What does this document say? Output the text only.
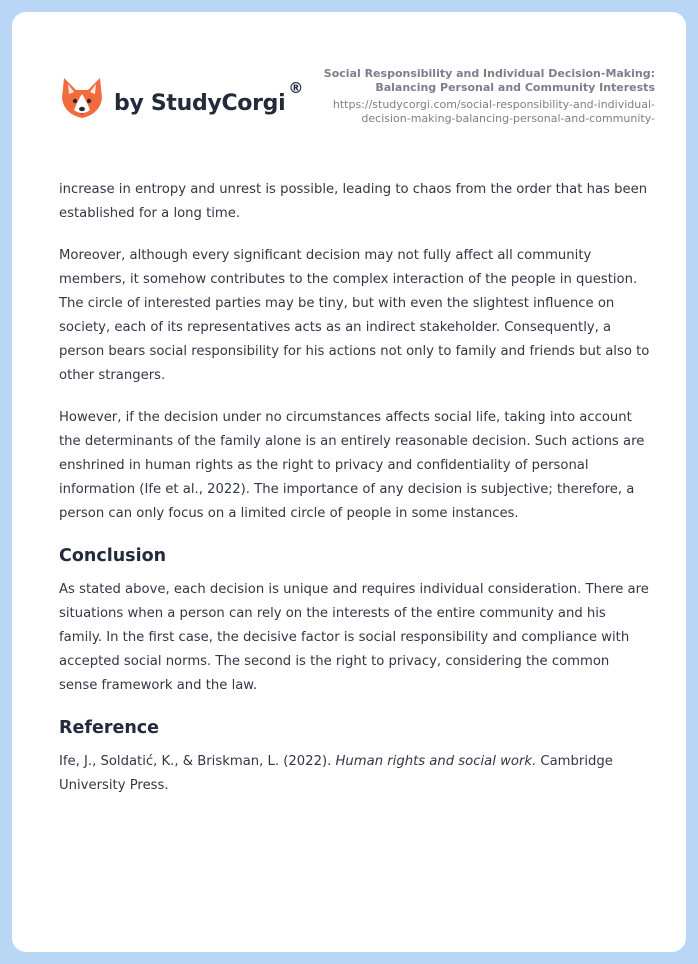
by StudyCorgi
®
Social Responsibility and Individual Decision-Making:
Balancing Personal and Community Interests
https://studycorgi.com/social-responsibility-and-individual-
decision-making-balancing-personal-and-community-

increase in entropy and unrest is possible, leading to chaos from the order that has been established for a long time.

Moreover, although every significant decision may not fully affect all community members, it somehow contributes to the complex interaction of the people in question. The circle of interested parties may be tiny, but with even the slightest influence on society, each of its representatives acts as an indirect stakeholder. Consequently, a person bears social responsibility for his actions not only to family and friends but also to other strangers.

However, if the decision under no circumstances affects social life, taking into account the determinants of the family alone is an entirely reasonable decision. Such actions are enshrined in human rights as the right to privacy and confidentiality of personal information (Ife et al., 2022). The importance of any decision is subjective; therefore, a person can only focus on a limited circle of people in some instances.

Conclusion

As stated above, each decision is unique and requires individual consideration. There are situations when a person can rely on the interests of the entire community and his family. In the first case, the decisive factor is social responsibility and compliance with accepted social norms. The second is the right to privacy, considering the common sense framework and the law.

Reference

Ife, J., Soldatić, K., & Briskman, L. (2022). Human rights and social work. Cambridge University Press.
